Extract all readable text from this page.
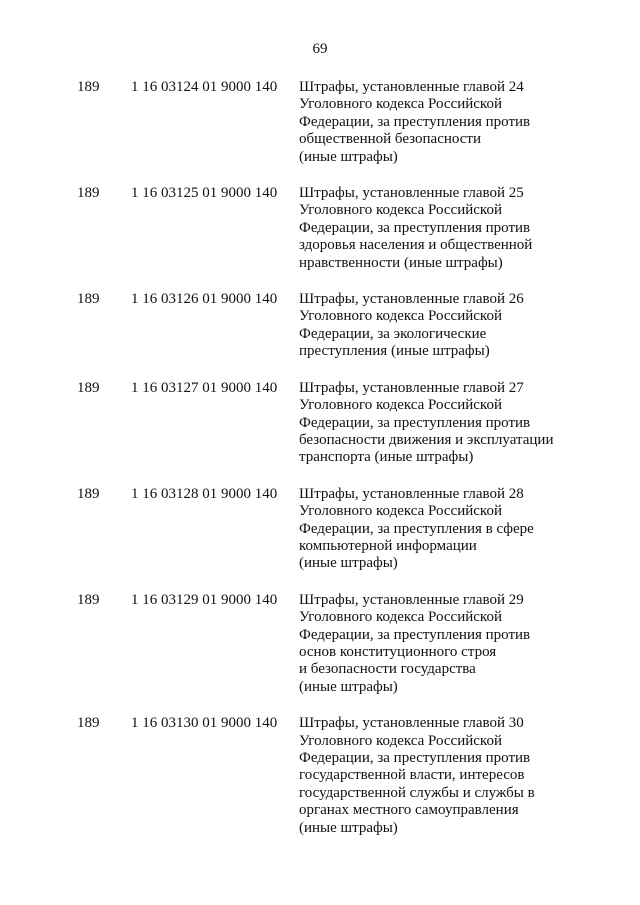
69
189 1 16 03124 01 9000 140 Штрафы, установленные главой 24
Уголовного кодекса Российской
Федерации, за преступления против
общественной безопасности
(иные штрафы)
189 1 16 03125 01 9000 140 Штрафы, установленные главой 25
Уголовного кодекса Российской
Федерации, за преступления против
здоровья населения и общественной
нравственности (иные штрафы)
189 1 16 03126 01 9000 140 Штрафы, установленные главой 26
Уголовного кодекса Российской
Федерации, за экологические
преступления (иные штрафы)
189 1 16 03127 01 9000 140 Штрафы, установленные главой 27
Уголовного кодекса Российской
Федерации, за преступления против
безопасности движения и эксплуатации
транспорта (иные штрафы)
189 1 16 03128 01 9000 140 Штрафы, установленные главой 28
Уголовного кодекса Российской
Федерации, за преступления в сфере
компьютерной информации
(иные штрафы)
189 1 16 03129 01 9000 140 Штрафы, установленные главой 29
Уголовного кодекса Российской
Федерации, за преступления против
основ конституционного строя
и безопасности государства
(иные штрафы)
189 1 16 03130 01 9000 140 Штрафы, установленные главой 30
Уголовного кодекса Российской
Федерации, за преступления против
государственной власти, интересов
государственной службы и службы в
органах местного самоуправления
(иные штрафы)
